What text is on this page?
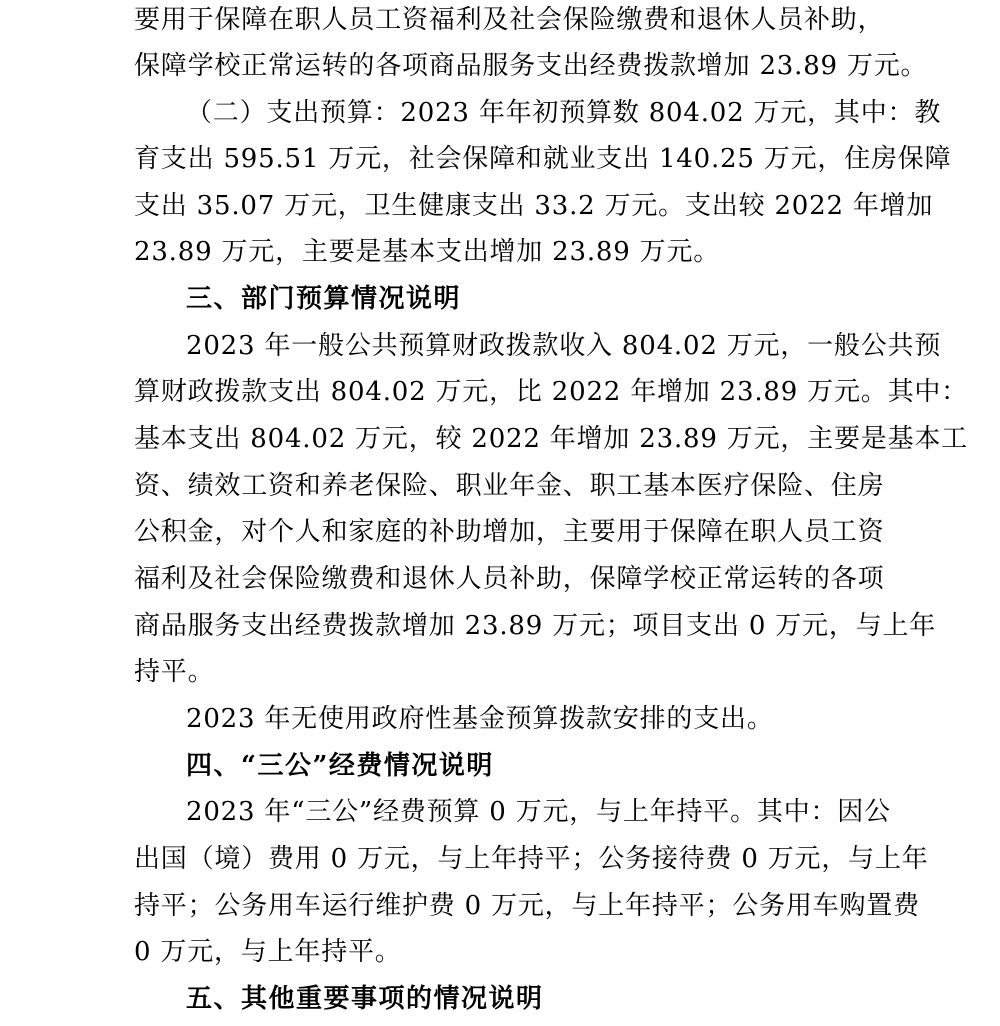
要用于保障在职人员工资福利及社会保险缴费和退休人员补助，
保障学校正常运转的各项商品服务支出经费拨款增加 23.89 万元。
（二）支出预算：2023 年年初预算数 804.02 万元，其中：教
育支出 595.51 万元，社会保障和就业支出 140.25 万元，住房保障
支出 35.07 万元，卫生健康支出 33.2 万元。支出较 2022 年增加
23.89 万元，主要是基本支出增加 23.89 万元。
三、部门预算情况说明
2023 年一般公共预算财政拨款收入 804.02 万元，一般公共预
算财政拨款支出 804.02 万元，比 2022 年增加 23.89 万元。其中：
基本支出 804.02 万元，较 2022 年增加 23.89 万元，主要是基本工
资、绩效工资和养老保险、职业年金、职工基本医疗保险、住房
公积金，对个人和家庭的补助增加，主要用于保障在职人员工资
福利及社会保险缴费和退休人员补助，保障学校正常运转的各项
商品服务支出经费拨款增加 23.89 万元；项目支出 0 万元，与上年
持平。
2023 年无使用政府性基金预算拨款安排的支出。
四、“三公”经费情况说明
2023 年“三公”经费预算 0 万元，与上年持平。其中：因公
出国（境）费用 0 万元，与上年持平；公务接待费 0 万元，与上年
持平；公务用车运行维护费 0 万元，与上年持平；公务用车购置费
0 万元，与上年持平。
五、其他重要事项的情况说明
